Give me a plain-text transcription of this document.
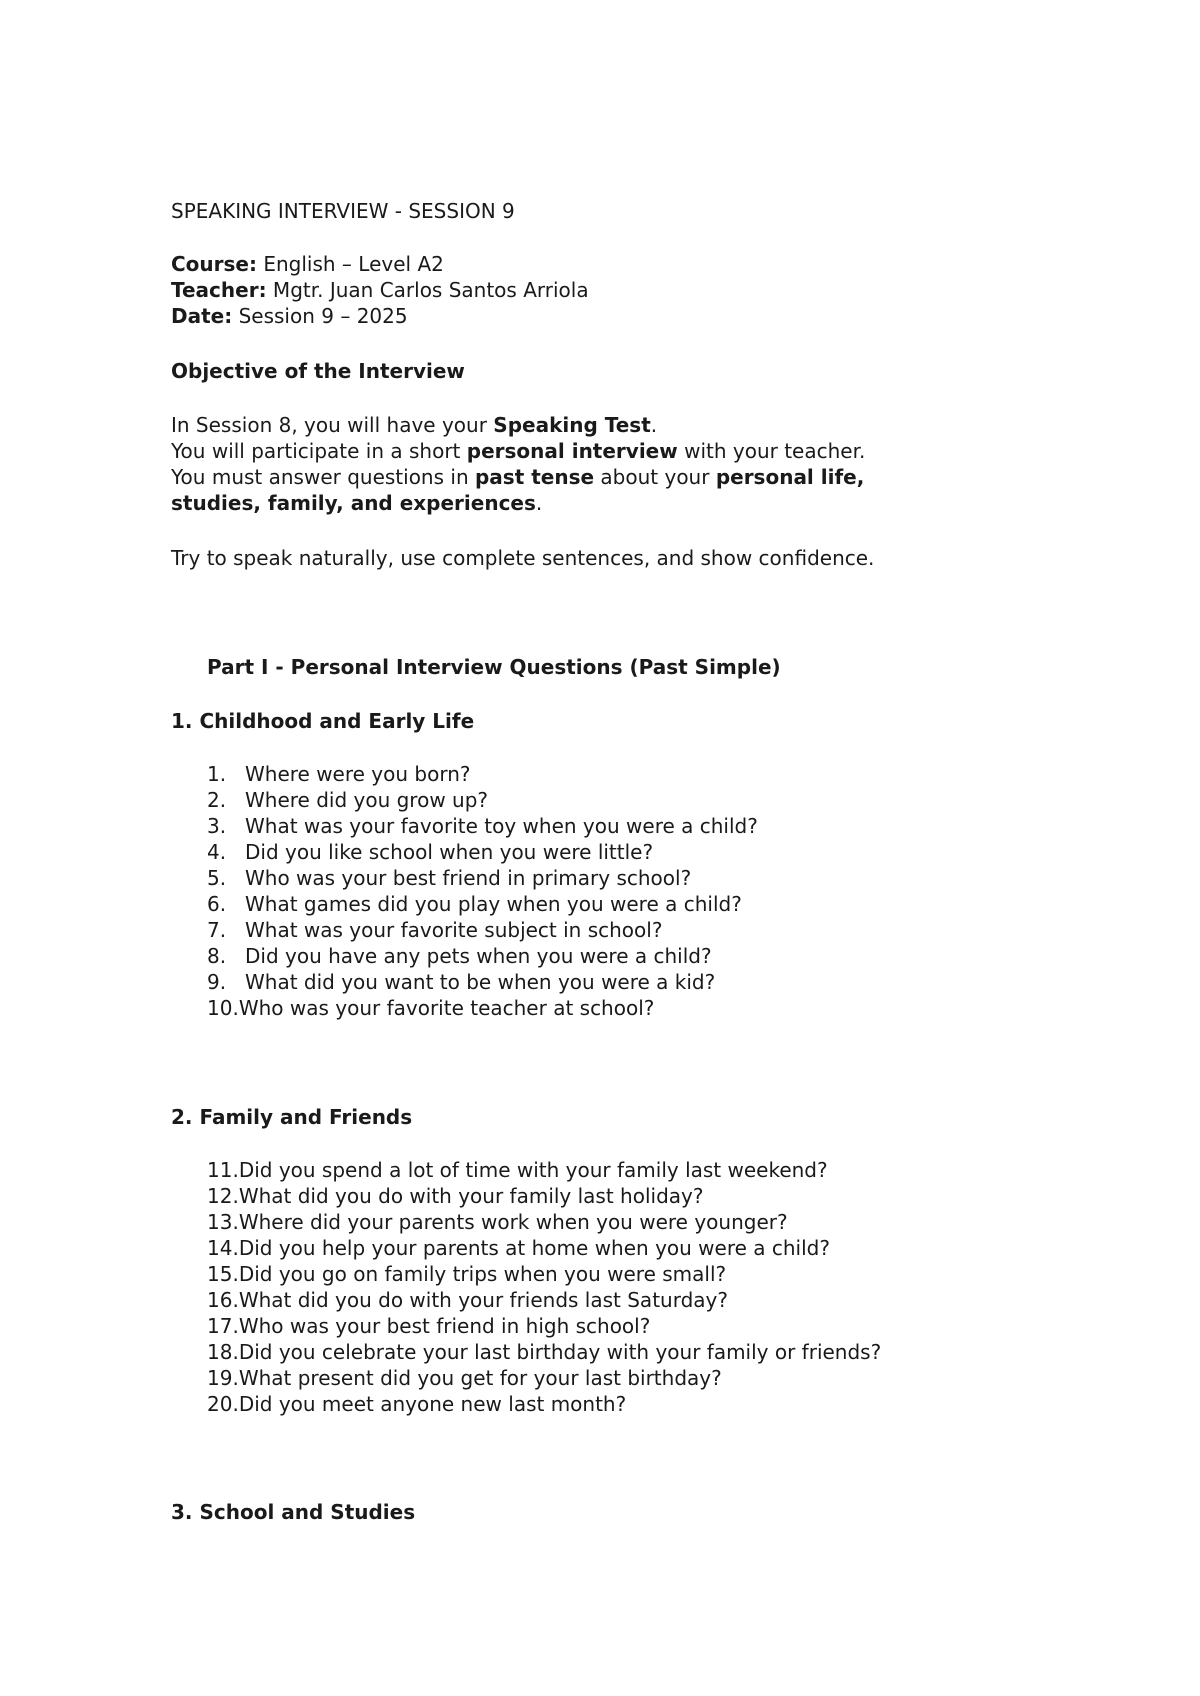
SPEAKING INTERVIEW - SESSION 9
Course: English – Level A2
Teacher: Mgtr. Juan Carlos Santos Arriola
Date: Session 9 – 2025
Objective of the Interview
In Session 8, you will have your Speaking Test.
You will participate in a short personal interview with your teacher.
You must answer questions in past tense about your personal life,
studies, family, and experiences.
Try to speak naturally, use complete sentences, and show confidence.
Part I - Personal Interview Questions (Past Simple)
1. Childhood and Early Life
1. Where were you born?
2. Where did you grow up?
3. What was your favorite toy when you were a child?
4. Did you like school when you were little?
5. Who was your best friend in primary school?
6. What games did you play when you were a child?
7. What was your favorite subject in school?
8. Did you have any pets when you were a child?
9. What did you want to be when you were a kid?
10.Who was your favorite teacher at school?
2. Family and Friends
11.Did you spend a lot of time with your family last weekend?
12.What did you do with your family last holiday?
13.Where did your parents work when you were younger?
14.Did you help your parents at home when you were a child?
15.Did you go on family trips when you were small?
16.What did you do with your friends last Saturday?
17.Who was your best friend in high school?
18.Did you celebrate your last birthday with your family or friends?
19.What present did you get for your last birthday?
20.Did you meet anyone new last month?
3. School and Studies
